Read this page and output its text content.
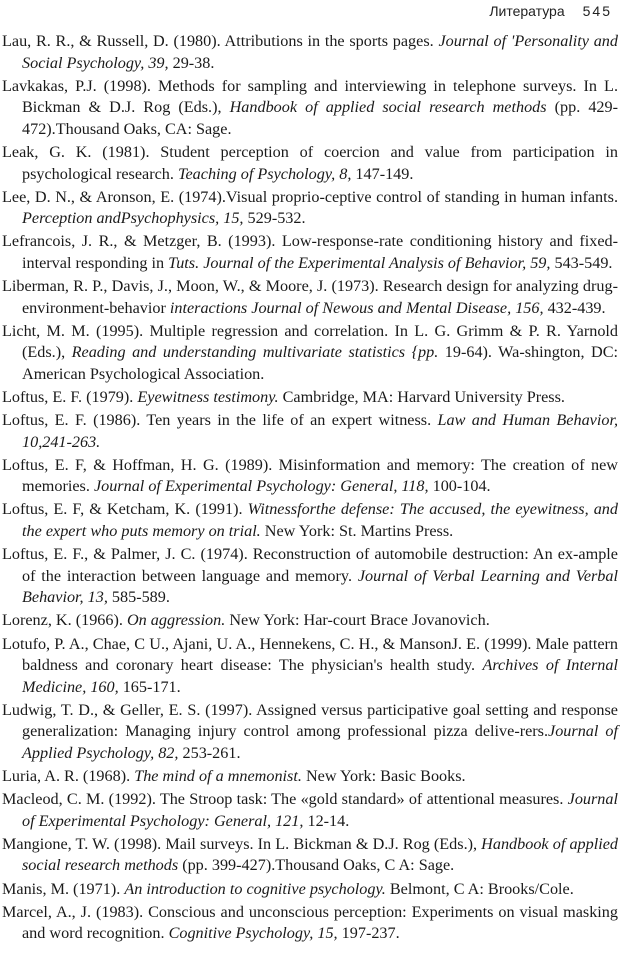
Литература 545

Lau, R. R., & Russell, D. (1980). Attributions in the sports pages. Journal of 'Personality and Social Psychology, 39, 29-38.

Lavkakas, P.J. (1998). Methods for sampling and interviewing in telephone surveys. In L. Bickman & D.J. Rog (Eds.), Handbook of applied social research methods (pp. 429-472).Thousand Oaks, CA: Sage.

Leak, G. K. (1981). Student perception of coercion and value from participation in psychological research. Teaching of Psychology, 8, 147-149.

Lee, D. N., & Aronson, E. (1974).Visual proprio-ceptive control of standing in human infants. Perception andPsychophysics, 15, 529-532.

Lefrancois, J. R., & Metzger, B. (1993). Low-response-rate conditioning history and fixed-interval responding in Tuts. Journal of the Experimental Analysis of Behavior, 59, 543-549.

Liberman, R. P., Davis, J., Moon, W., & Moore, J. (1973). Research design for analyzing drug-environment-behavior interactions Journal of Newous and Mental Disease, 156, 432-439.

Licht, M. M. (1995). Multiple regression and correlation. In L. G. Grimm & P. R. Yarnold (Eds.), Reading and understanding multivariate statistics {pp. 19-64). Wa-shington, DC: American Psychological Association.

Loftus, E. F. (1979). Eyewitness testimony. Cambridge, MA: Harvard University Press.

Loftus, E. F. (1986). Ten years in the life of an expert witness. Law and Human Behavior, 10,241-263.

Loftus, E. F, & Hoffman, H. G. (1989). Misinformation and memory: The creation of new memories. Journal of Experimental Psychology: General, 118, 100-104.

Loftus, E. F, & Ketcham, K. (1991). Witnessforthe defense: The accused, the eyewitness, and the expert who puts memory on trial. New York: St. Martins Press.

Loftus, E. F., & Palmer, J. C. (1974). Reconstruction of automobile destruction: An ex-ample of the interaction between language and memory. Journal of Verbal Learning and Verbal Behavior, 13, 585-589.

Lorenz, K. (1966). On aggression. New York: Har-court Brace Jovanovich.

Lotufo, P. A., Chae, C U., Ajani, U. A., Hennekens, C. H., & MansonJ. E. (1999). Male pattern baldness and coronary heart disease: The physician's health study. Archives of Internal Medicine, 160, 165-171.

Ludwig, T. D., & Geller, E. S. (1997). Assigned versus participative goal setting and response generalization: Managing injury control among professional pizza delive-rers.Journal of Applied Psychology, 82, 253-261.

Luria, A. R. (1968). The mind of a mnemonist. New York: Basic Books.

Macleod, C. M. (1992). The Stroop task: The «gold standard» of attentional measures. Journal of Experimental Psychology: General, 121, 12-14.

Mangione, T. W. (1998). Mail surveys. In L. Bickman & D.J. Rog (Eds.), Handbook of applied social research methods (pp. 399-427).Thousand Oaks, C A: Sage.

Manis, M. (1971). An introduction to cognitive psychology. Belmont, C A: Brooks/Cole.

Marcel, A., J. (1983). Conscious and unconscious perception: Experiments on visual masking and word recognition. Cognitive Psychology, 15, 197-237.
